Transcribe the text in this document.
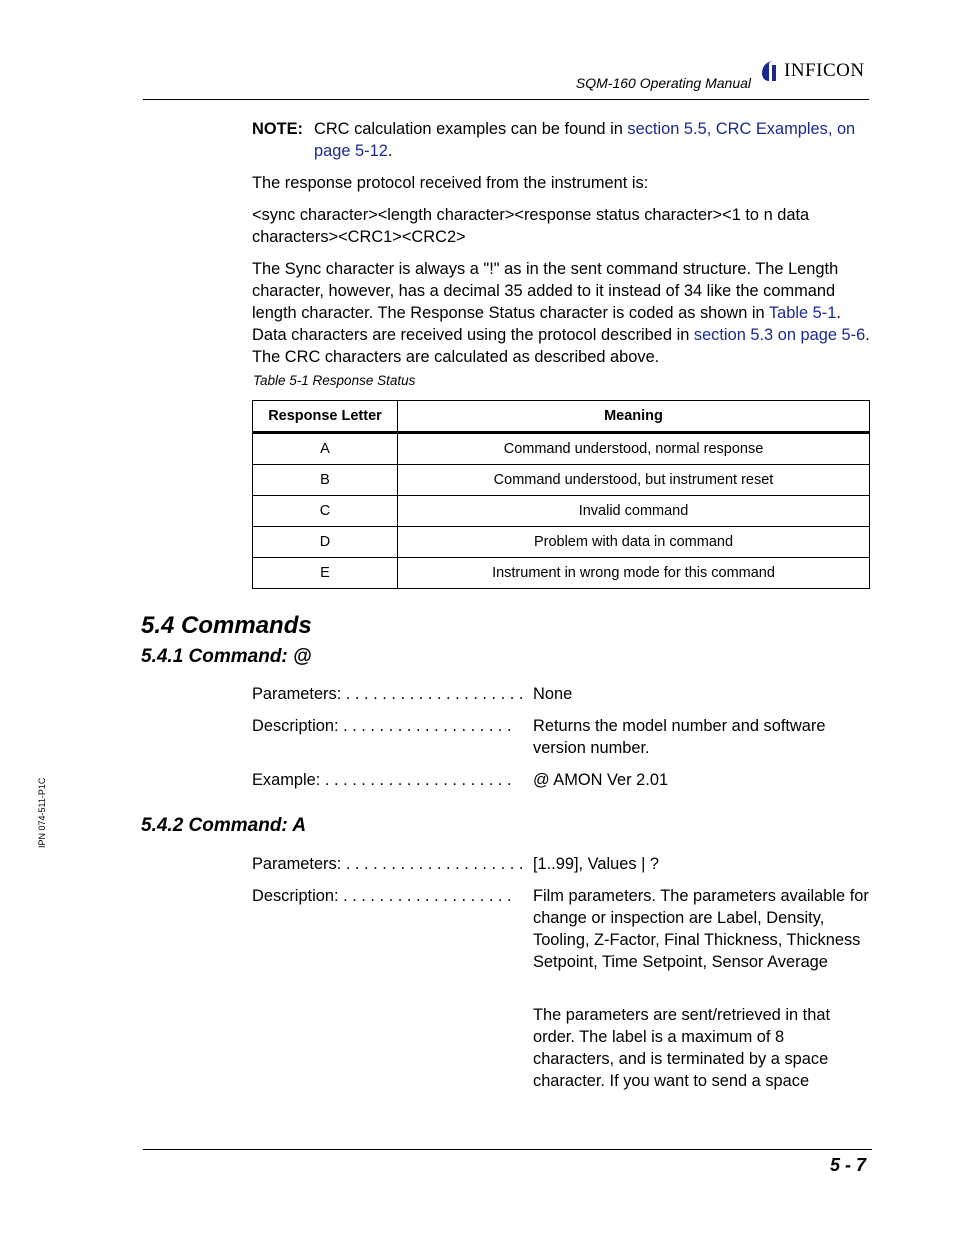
SQM-160 Operating Manual
INFICON
NOTE: CRC calculation examples can be found in section 5.5, CRC Examples, on page 5-12.

The response protocol received from the instrument is:

<sync character><length character><response status character><1 to n data characters><CRC1><CRC2>

The Sync character is always a "!" as in the sent command structure. The Length character, however, has a decimal 35 added to it instead of 34 like the command length character. The Response Status character is coded as shown in Table 5-1. Data characters are received using the protocol described in section 5.3 on page 5-6. The CRC characters are calculated as described above.

Table 5-1 Response Status
Response Letter	Meaning
A	Command understood, normal response
B	Command understood, but instrument reset
C	Invalid command
D	Problem with data in command
E	Instrument in wrong mode for this command
5.4 Commands
5.4.1 Command: @
Parameters: . . . . . . . . . . . . . . . . . . . . None
Description: . . . . . . . . . . . . . . . . . . .	Returns the model number and software version number.
Example: . . . . . . . . . . . . . . . . . . . . .	@ AMON Ver 2.01
5.4.2 Command: A
Parameters: . . . . . . . . . . . . . . . . . . . . [1..99], Values | ?
Description: . . . . . . . . . . . . . . . . . . .	Film parameters. The parameters available for change or inspection are Label, Density, Tooling, Z-Factor, Final Thickness, Thickness Setpoint, Time Setpoint, Sensor Average
The parameters are sent/retrieved in that order. The label is a maximum of 8 characters, and is terminated by a space character. If you want to send a space
IPN 074-511-P1C
5 - 7
